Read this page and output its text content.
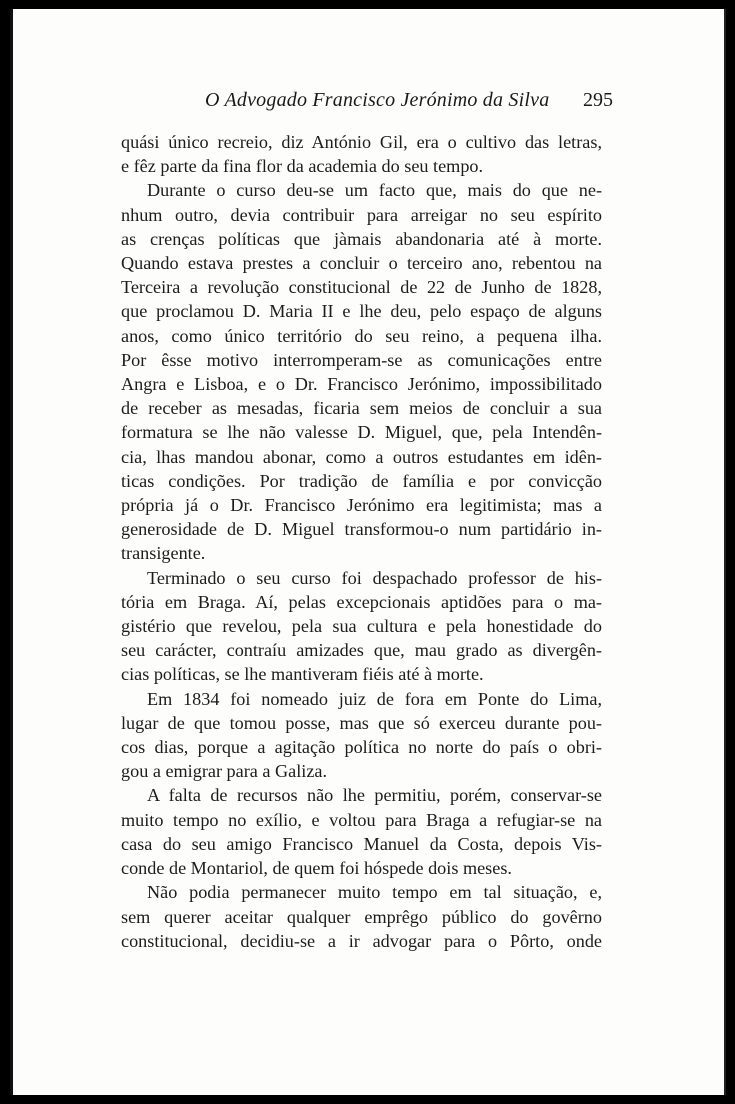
O Advogado Francisco Jerónimo da Silva 295

quási único recreio, diz António Gil, era o cultivo das letras,
e fêz parte da fina flor da academia do seu tempo.

Durante o curso deu-se um facto que, mais do que ne-
nhum outro, devia contribuir para arreigar no seu espírito
as crenças políticas que jàmais abandonaria até à morte.
Quando estava prestes a concluir o terceiro ano, rebentou na
Terceira a revolução constitucional de 22 de Junho de 1828,
que proclamou D. Maria II e lhe deu, pelo espaço de alguns
anos, como único território do seu reino, a pequena ilha.
Por êsse motivo interromperam-se as comunicações entre
Angra e Lisboa, e o Dr. Francisco Jerónimo, impossibilitado
de receber as mesadas, ficaria sem meios de concluir a sua
formatura se lhe não valesse D. Miguel, que, pela Intendên-
cia, lhas mandou abonar, como a outros estudantes em idên-
ticas condições. Por tradição de família e por convicção
própria já o Dr. Francisco Jerónimo era legitimista; mas a
generosidade de D. Miguel transformou-o num partidário in-
transigente.

Terminado o seu curso foi despachado professor de his-
tória em Braga. Aí, pelas excepcionais aptidões para o ma-
gistério que revelou, pela sua cultura e pela honestidade do
seu carácter, contraíu amizades que, mau grado as divergên-
cias políticas, se lhe mantiveram fiéis até à morte.

Em 1834 foi nomeado juiz de fora em Ponte do Lima,
lugar de que tomou posse, mas que só exerceu durante pou-
cos dias, porque a agitação política no norte do país o obri-
gou a emigrar para a Galiza.

A falta de recursos não lhe permitiu, porém, conservar-se
muito tempo no exílio, e voltou para Braga a refugiar-se na
casa do seu amigo Francisco Manuel da Costa, depois Vis-
conde de Montariol, de quem foi hóspede dois meses.

Não podia permanecer muito tempo em tal situação, e,
sem querer aceitar qualquer emprêgo público do govêrno
constitucional, decidiu-se a ir advogar para o Pôrto, onde
